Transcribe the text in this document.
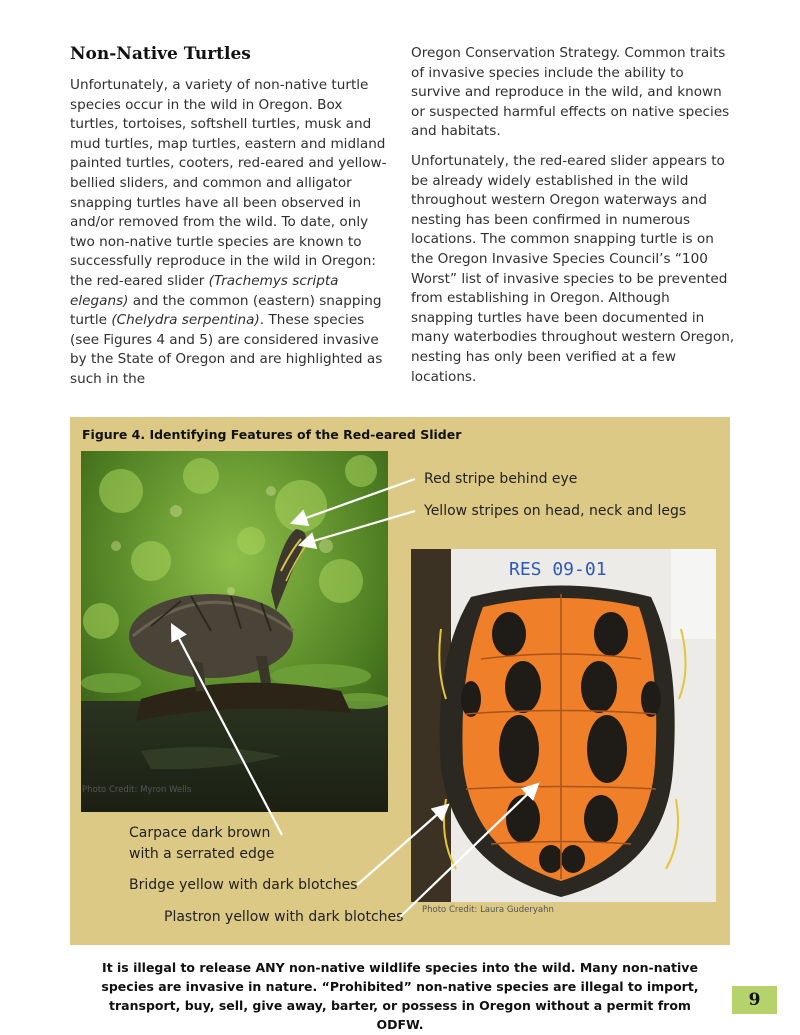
Non-Native Turtles

Unfortunately, a variety of non-native turtle species occur in the wild in Oregon. Box turtles, tortoises, softshell turtles, musk and mud turtles, map turtles, eastern and midland painted turtles, cooters, red-eared and yellow-bellied sliders, and common and alligator snapping turtles have all been observed in and/or removed from the wild. To date, only two non-native turtle species are known to successfully reproduce in the wild in Oregon: the red-eared slider (Trachemys scripta elegans) and the common (eastern) snapping turtle (Chelydra serpentina). These species (see Figures 4 and 5) are considered invasive by the State of Oregon and are highlighted as such in the

Oregon Conservation Strategy. Common traits of invasive species include the ability to survive and reproduce in the wild, and known or suspected harmful effects on native species and habitats.

Unfortunately, the red-eared slider appears to be already widely established in the wild throughout western Oregon waterways and nesting has been confirmed in numerous locations. The common snapping turtle is on the Oregon Invasive Species Council’s “100 Worst” list of invasive species to be prevented from establishing in Oregon. Although snapping turtles have been documented in many waterbodies throughout western Oregon, nesting has only been verified at a few locations.

Figure 4. Identifying Features of the Red-eared Slider
Photo Credit: Myron Wells
RES 09-01
Photo Credit: Laura Guderyahn
Red stripe behind eye
Yellow stripes on head, neck and legs
Carpace dark brown
with a serrated edge
Bridge yellow with dark blotches
Plastron yellow with dark blotches
It is illegal to release ANY non-native wildlife species into the wild. Many non-native species are invasive in nature. “Prohibited” non-native species are illegal to import, transport, buy, sell, give away, barter, or possess in Oregon without a permit from ODFW.
9
